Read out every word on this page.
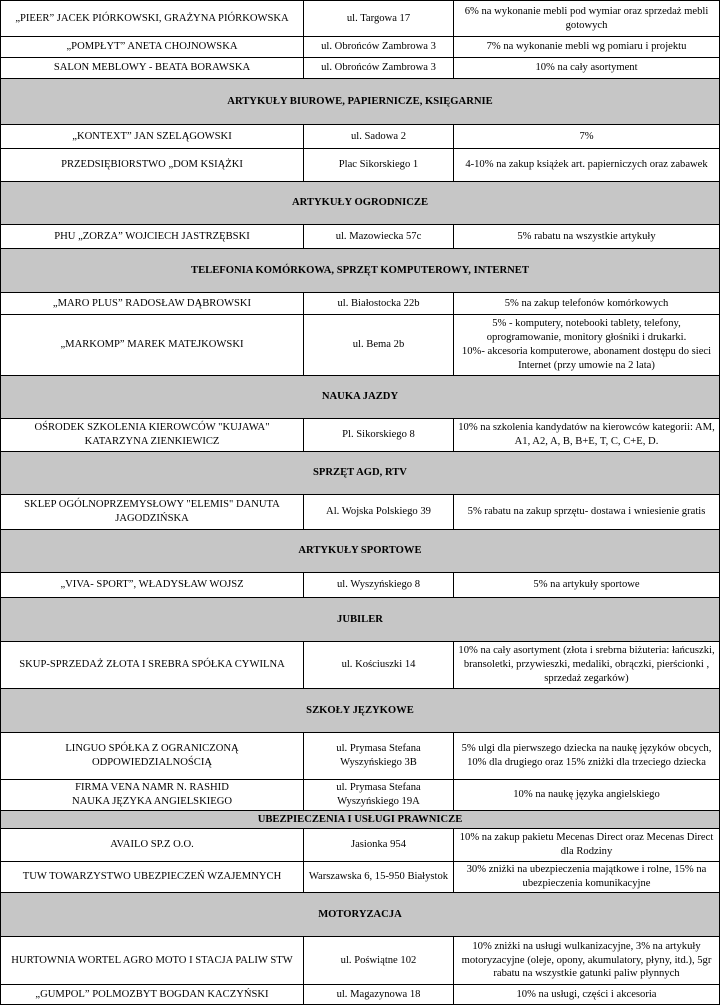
„PIEER” JACEK PIÓRKOWSKI, GRAŻYNA PIÓRKOWSKA	ul. Targowa 17	6% na wykonanie mebli pod wymiar oraz sprzedaż mebli gotowych
„POMPŁYT” ANETA CHOJNOWSKA	ul. Obrońców Zambrowa 3	7% na wykonanie mebli wg pomiaru i projektu
SALON MEBLOWY - BEATA BORAWSKA	ul. Obrońców Zambrowa 3	10% na cały asortyment
ARTYKUŁY BIUROWE, PAPIERNICZE, KSIĘGARNIE		
„KONTEXT” JAN SZELĄGOWSKI	ul. Sadowa 2	7%
PRZEDSIĘBIORSTWO „DOM KSIĄŻKI	Plac Sikorskiego 1	4-10% na zakup książek art. papierniczych oraz zabawek
ARTYKUŁY OGRODNICZE		
PHU „ZORZA” WOJCIECH JASTRZĘBSKI	ul. Mazowiecka 57c	5% rabatu na wszystkie artykuły
TELEFONIA KOMÓRKOWA, SPRZĘT KOMPUTEROWY, INTERNET		
„MARO PLUS” RADOSŁAW DĄBROWSKI	ul. Białostocka 22b	5% na zakup telefonów komórkowych
„MARKOMP” MAREK MATEJKOWSKI	ul. Bema 2b	5% - komputery, notebooki tablety, telefony, oprogramowanie, monitory głośniki i drukarki.
10%- akcesoria komputerowe, abonament dostępu do sieci Internet (przy umowie na 2 lata)
NAUKA JAZDY		
OŚRODEK SZKOLENIA KIEROWCÓW "KUJAWA" KATARZYNA ZIENKIEWICZ	Pl. Sikorskiego 8	10% na szkolenia kandydatów na kierowców kategorii: AM, A1, A2, A, B, B+E, T, C, C+E, D.
SPRZĘT AGD, RTV		
SKLEP OGÓLNOPRZEMYSŁOWY "ELEMIS" DANUTA JAGODZIŃSKA	Al. Wojska Polskiego 39	5% rabatu na zakup sprzętu- dostawa i wniesienie gratis
ARTYKUŁY SPORTOWE		
„VIVA- SPORT”, WŁADYSŁAW WOJSZ	ul. Wyszyńskiego 8	5% na artykuły sportowe
JUBILER		
SKUP-SPRZEDAŻ ZŁOTA I SREBRA SPÓŁKA CYWILNA	ul. Kościuszki 14	10% na cały asortyment (złota i srebrna biżuteria: łańcuszki, bransoletki, przywieszki, medaliki, obrączki, pierścionki , sprzedaż zegarków)
SZKOŁY JĘZYKOWE		
LINGUO SPÓŁKA Z OGRANICZONĄ ODPOWIEDZIALNOŚCIĄ	ul. Prymasa Stefana Wyszyńskiego 3B	5% ulgi dla pierwszego dziecka na naukę języków obcych, 10% dla drugiego oraz 15% zniżki dla trzeciego dziecka
FIRMA VENA NAMR N. RASHID
NAUKA JĘZYKA ANGIELSKIEGO	ul. Prymasa Stefana Wyszyńskiego 19A	10% na naukę języka angielskiego
UBEZPIECZENIA I USŁUGI PRAWNICZE		
AVAILO SP.Z O.O.	Jasionka 954	10% na zakup pakietu Mecenas Direct oraz Mecenas Direct dla Rodziny
TUW TOWARZYSTWO UBEZPIECZEŃ WZAJEMNYCH	Warszawska 6, 15-950 Białystok	30% zniżki na ubezpieczenia majątkowe i rolne, 15% na ubezpieczenia komunikacyjne
MOTORYZACJA		
HURTOWNIA WORTEL AGRO MOTO I STACJA PALIW STW	ul. Poświątne 102	10% zniżki na usługi wulkanizacyjne, 3% na artykuły motoryzacyjne (oleje, opony, akumulatory, płyny, itd.), 5gr rabatu na wszystkie gatunki paliw płynnych
„GUMPOL” POLMOZBYT BOGDAN KACZYŃSKI	ul. Magazynowa 18	10% na usługi, części i akcesoria
